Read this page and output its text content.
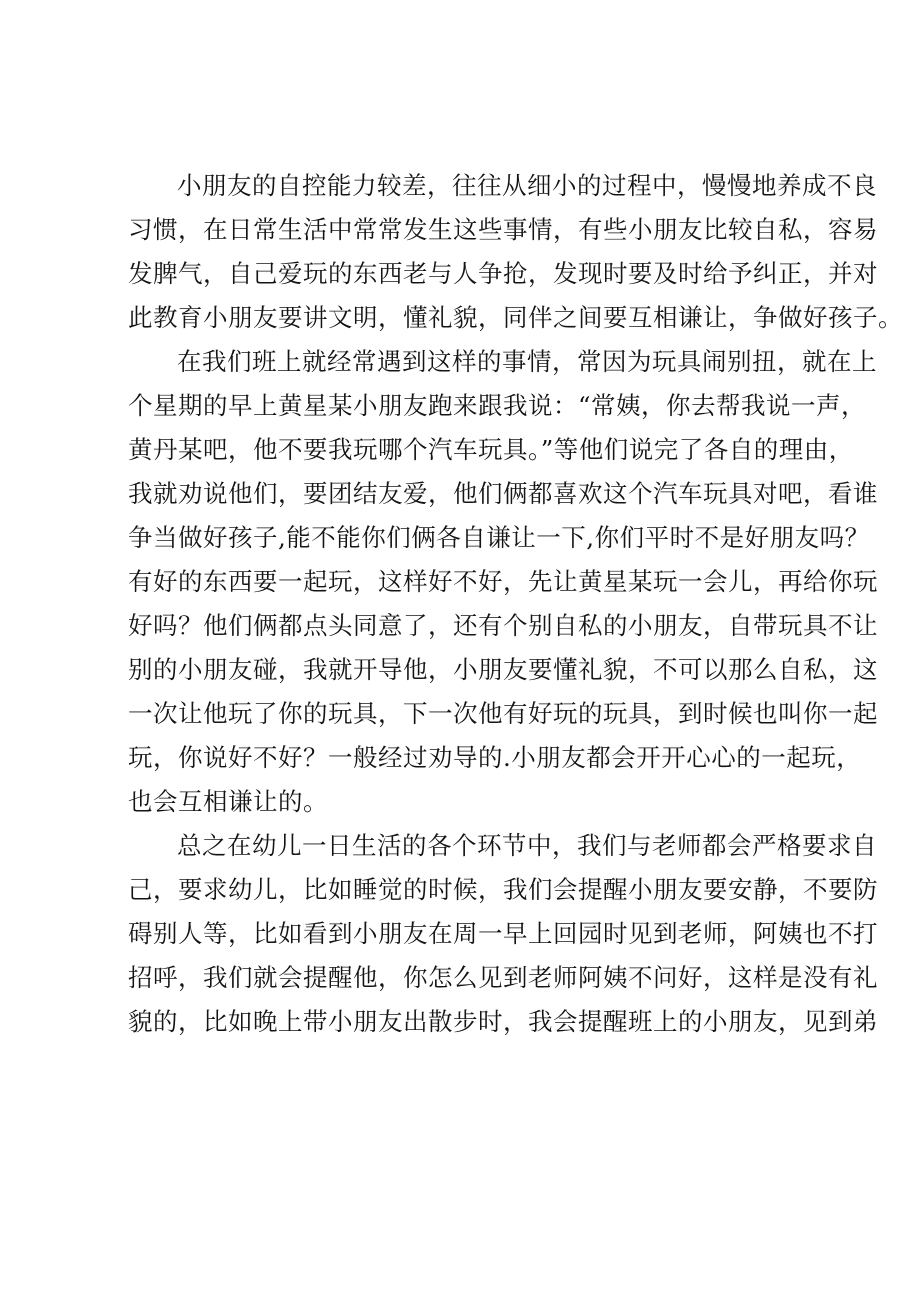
小朋友的自控能力较差，往往从细小的过程中，慢慢地养成不良
习惯，在日常生活中常常发生这些事情，有些小朋友比较自私，容易
发脾气，自己爱玩的东西老与人争抢，发现时要及时给予纠正，并对
此教育小朋友要讲文明，懂礼貌，同伴之间要互相谦让，争做好孩子。
在我们班上就经常遇到这样的事情，常因为玩具闹别扭，就在上
个星期的早上黄星某小朋友跑来跟我说：“常姨，你去帮我说一声，
黄丹某吧，他不要我玩哪个汽车玩具。”等他们说完了各自的理由，
我就劝说他们，要团结友爱，他们俩都喜欢这个汽车玩具对吧，看谁
争当做好孩子,能不能你们俩各自谦让一下,你们平时不是好朋友吗？
有好的东西要一起玩，这样好不好，先让黄星某玩一会儿，再给你玩
好吗？他们俩都点头同意了，还有个别自私的小朋友，自带玩具不让
别的小朋友碰，我就开导他，小朋友要懂礼貌，不可以那么自私，这
一次让他玩了你的玩具，下一次他有好玩的玩具，到时候也叫你一起
玩，你说好不好？一般经过劝导的.小朋友都会开开心心的一起玩，
也会互相谦让的。
总之在幼儿一日生活的各个环节中，我们与老师都会严格要求自
己，要求幼儿，比如睡觉的时候，我们会提醒小朋友要安静，不要防
碍别人等，比如看到小朋友在周一早上回园时见到老师，阿姨也不打
招呼，我们就会提醒他，你怎么见到老师阿姨不问好，这样是没有礼
貌的，比如晚上带小朋友出散步时，我会提醒班上的小朋友，见到弟
